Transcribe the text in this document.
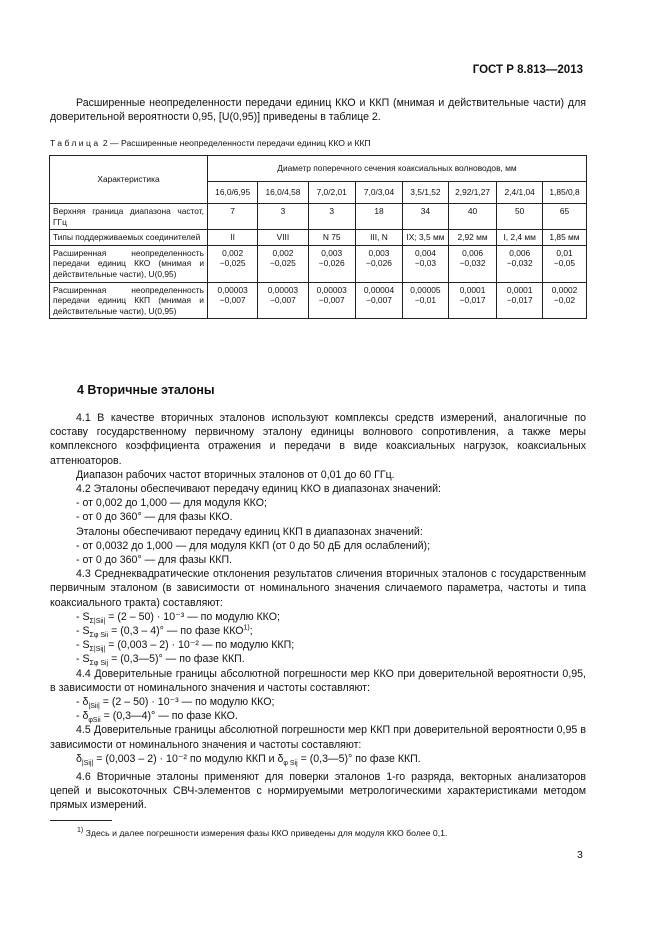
ГОСТ Р 8.813—2013
Расширенные неопределенности передачи единиц ККО и ККП (мнимая и действительные части) для доверительной вероятности 0,95, [U(0,95)] приведены в таблице 2.
Таблица 2 — Расширенные неопределенности передачи единиц ККО и ККП
Характеристика	Диаметр поперечного сечения коаксиальных волноводов, мм							
	16,0/6,95	16,0/4,58	7,0/2,01	7,0/3,04	3,5/1,52	2,92/1,27	2,4/1,04	1,85/0,8
Верхняя граница диапазона частот, ГГц	7	3	3	18	34	40	50	65
Типы поддерживаемых соединителей	II	VIII	N 75	III, N	IX; 3,5 мм	2,92 мм	I, 2,4 мм	1,85 мм
Расширенная неопределенность передачи единиц ККО (мнимая и действительные части), U(0,95)	0,002 −0,025	0,002 −0,025	0,003 −0,026	0,003 −0,026	0,004 −0,03	0,006 −0,032	0,006 −0,032	0,01 −0,05
Расширенная неопределенность передачи единиц ККП (мнимая и действительные части), U(0,95)	0,00003 −0,007	0,00003 −0,007	0,00003 −0,007	0,00004 −0,007	0,00005 −0,01	0,0001 −0,017	0,0001 −0,017	0,0002 −0,02
4 Вторичные эталоны
4.1 В качестве вторичных эталонов используют комплексы средств измерений, аналогичные по составу государственному первичному эталону единицы волнового сопротивления, а также меры комплексного коэффициента отражения и передачи в виде коаксиальных нагрузок, коаксиальных аттенюаторов.
Диапазон рабочих частот вторичных эталонов от 0,01 до 60 ГГц.
4.2 Эталоны обеспечивают передачу единиц ККО в диапазонах значений:
- от 0,002 до 1,000 — для модуля ККО;
- от 0 до 360° — для фазы ККО.
Эталоны обеспечивают передачу единиц ККП в диапазонах значений:
- от 0,0032 до 1,000 — для модуля ККП (от 0 до 50 дБ для ослаблений);
- от 0 до 360° — для фазы ККП.
4.3 Среднеквадратические отклонения результатов сличения вторичных эталонов с государственным первичным эталоном (в зависимости от номинального значения сличаемого параметра, частоты и типа коаксиального тракта) составляют:
- $S_{\Sigma|Sii|} = (2 - 50) \cdot 10^{-3}$ — по модулю ККО;
- $S_{\Sigma\varphi Sii} = (0,3 - 4)^\circ$ — по фазе ККО$^{1)}$;
- $S_{\Sigma|Sij|} = (0,003 - 2) \cdot 10^{-2}$ — по модулю ККП;
- $S_{\Sigma\varphi Sij}$ = (0,3—5)° — по фазе ККП.
4.4 Доверительные границы абсолютной погрешности мер ККО при доверительной вероятности 0,95, в зависимости от номинального значения и частоты составляют:
- $\delta_{|Sii|} = (2 - 50) \cdot 10^{-3}$ — по модулю ККО;
- $\delta_{\varphi Sii}$ = (0,3—4)° — по фазе ККО.
4.5 Доверительные границы абсолютной погрешности мер ККП при доверительной вероятности 0,95 в зависимости от номинального значения и частоты составляют:
$\delta_{|Sij|} = (0,003 - 2) \cdot 10^{-2}$ по модулю ККП и $\delta_{\varphi Sij}$ = (0,3—5)° по фазе ККП.
4.6 Вторичные эталоны применяют для поверки эталонов 1-го разряда, векторных анализаторов цепей и высокоточных СВЧ-элементов с нормируемыми метрологическими характеристиками методом прямых измерений.
$^{1)}$ Здесь и далее погрешности измерения фазы ККО приведены для модуля ККО более 0,1.
3
